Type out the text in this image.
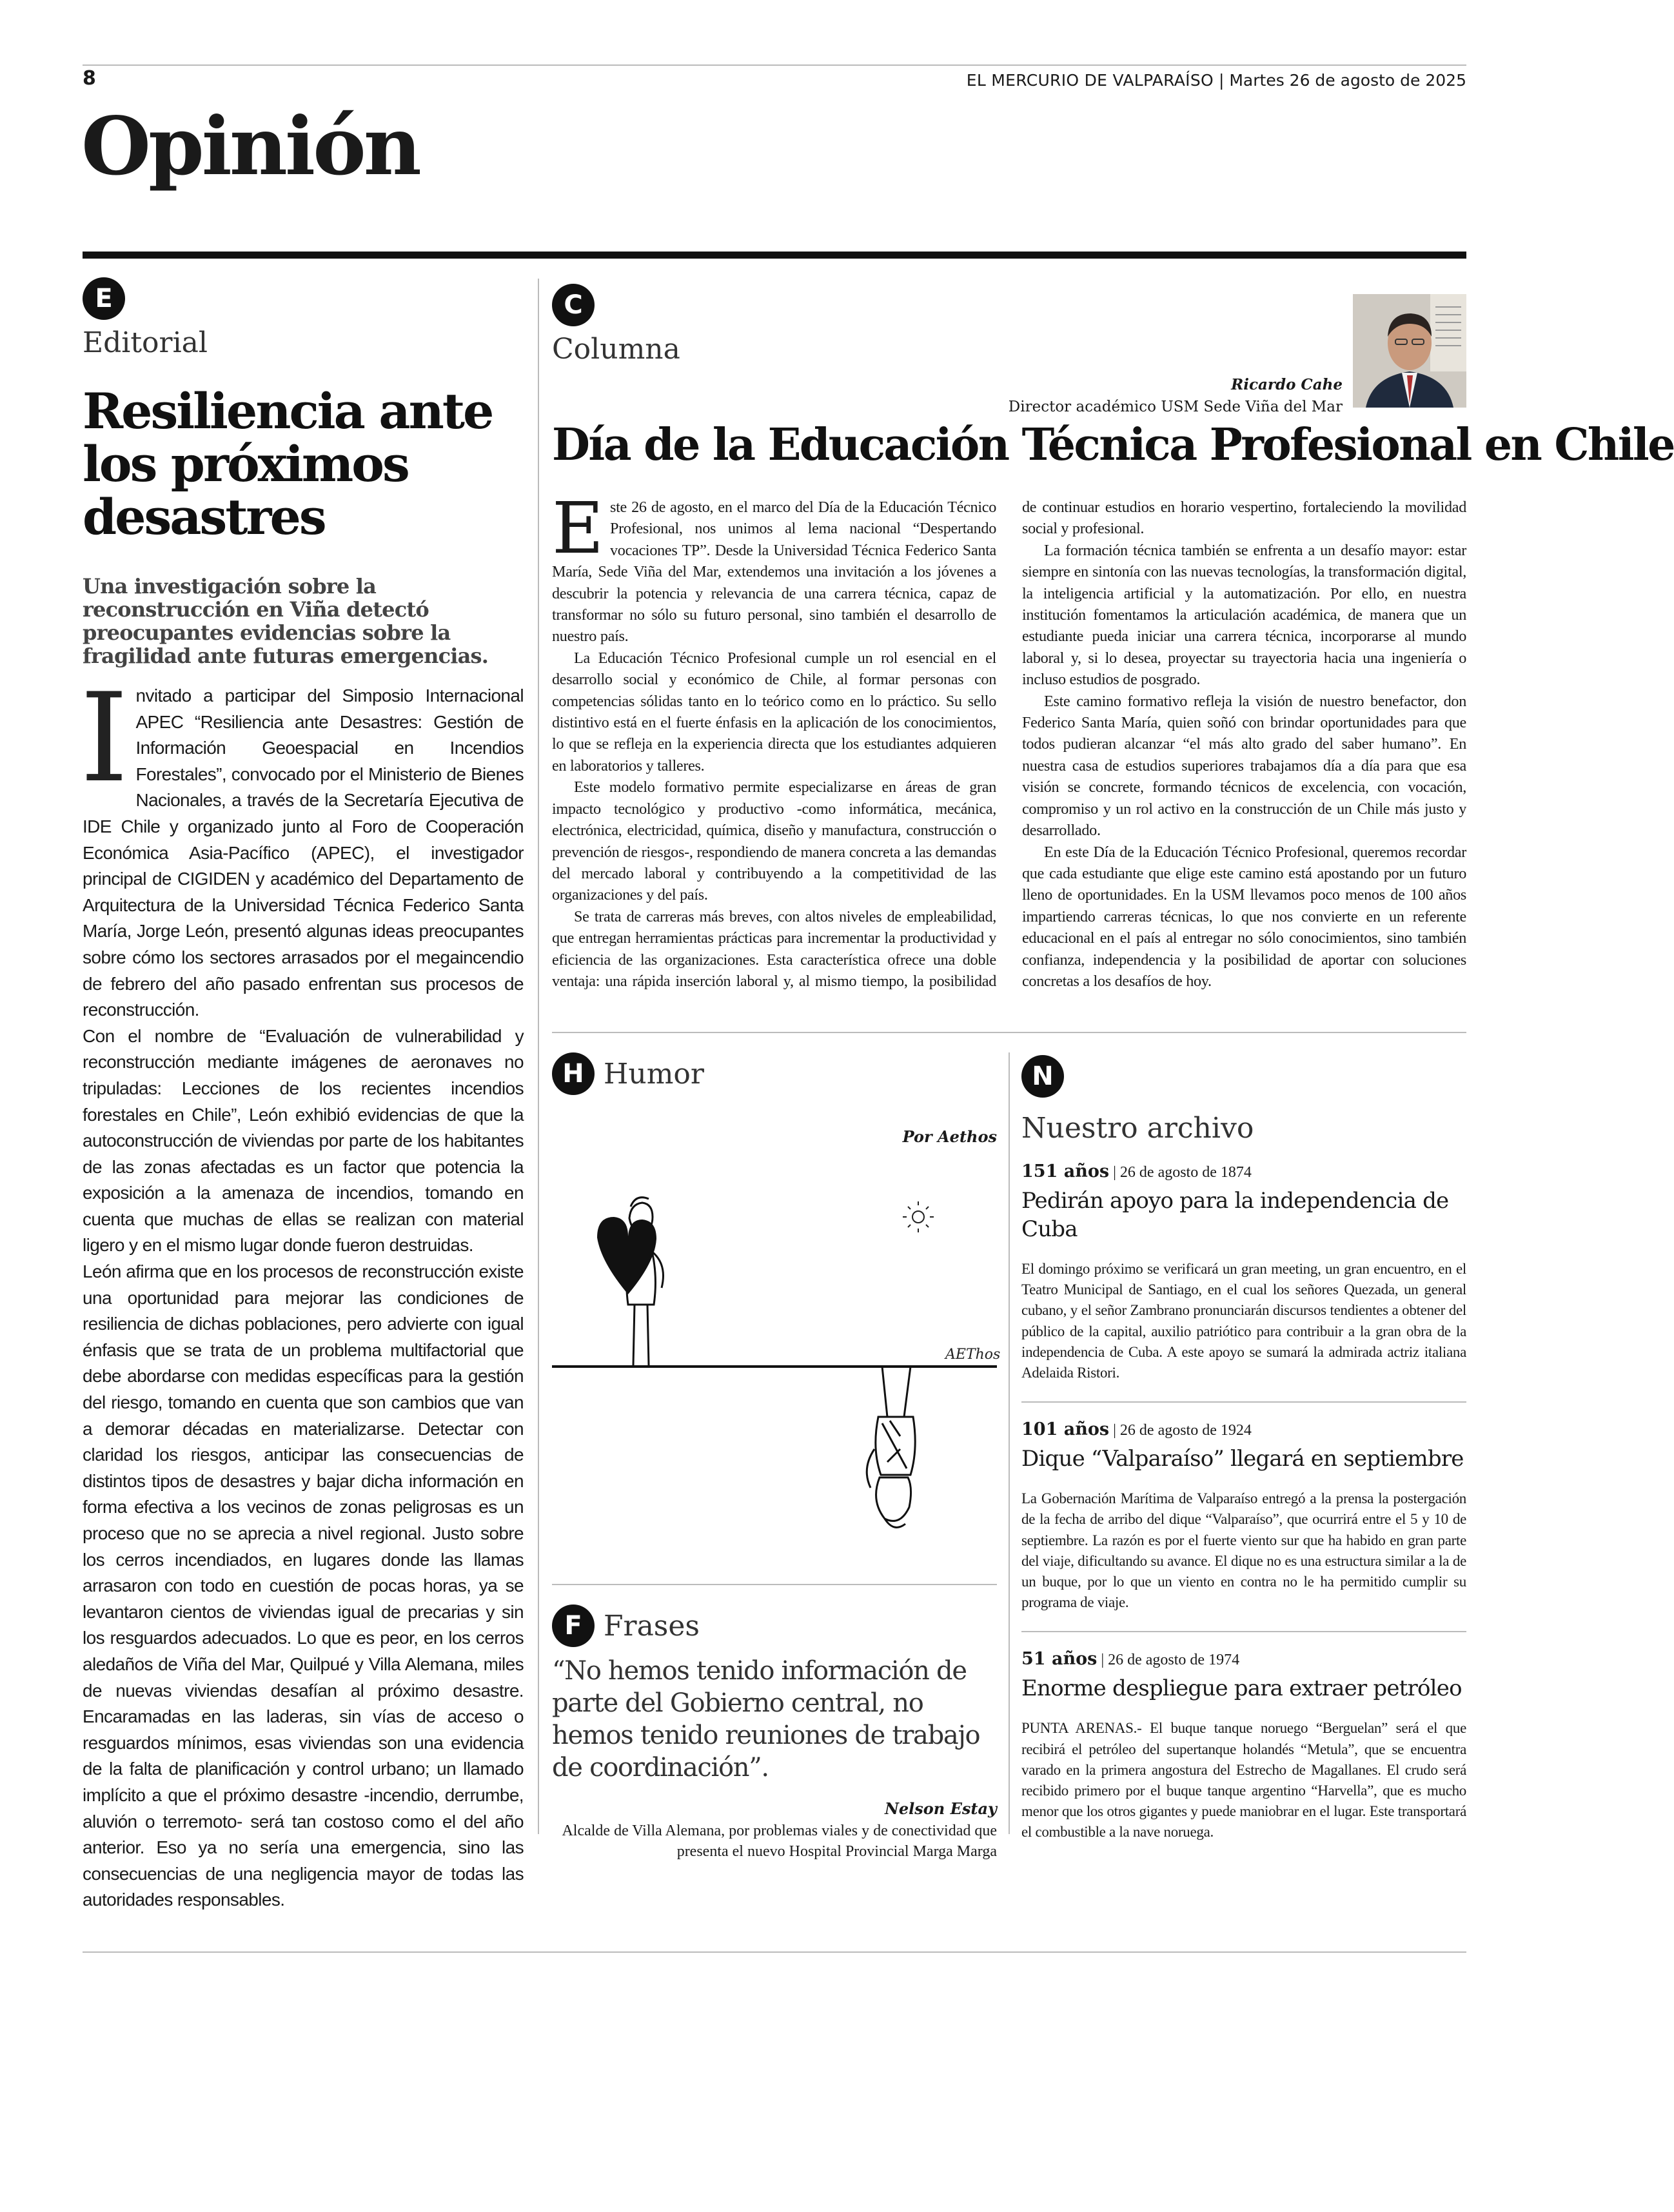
8	EL MERCURIO DE VALPARAÍSO | Martes 26 de agosto de 2025
Opinión
E
Editorial
Resiliencia ante los próximos desastres
Una investigación sobre la reconstrucción en Viña detectó preocupantes evidencias sobre la fragilidad ante futuras emergencias.

Invitado a participar del Simposio Internacional APEC “Resiliencia ante Desastres: Gestión de Información Geoespacial en Incendios Forestales”, convocado por el Ministerio de Bienes Nacionales, a través de la Secretaría Ejecutiva de IDE Chile y organizado junto al Foro de Cooperación Económica Asia-Pacífico (APEC), el investigador principal de CIGIDEN y académico del Departamento de Arquitectura de la Universidad Técnica Federico Santa María, Jorge León, presentó algunas ideas preocupantes sobre cómo los sectores arrasados por el megaincendio de febrero del año pasado enfrentan sus procesos de reconstrucción.

Con el nombre de “Evaluación de vulnerabilidad y reconstrucción mediante imágenes de aeronaves no tripuladas: Lecciones de los recientes incendios forestales en Chile”, León exhibió evidencias de que la autoconstrucción de viviendas por parte de los habitantes de las zonas afectadas es un factor que potencia la exposición a la amenaza de incendios, tomando en cuenta que muchas de ellas se realizan con material ligero y en el mismo lugar donde fueron destruidas.

León afirma que en los procesos de reconstrucción existe una oportunidad para mejorar las condiciones de resiliencia de dichas poblaciones, pero advierte con igual énfasis que se trata de un problema multifactorial que debe abordarse con medidas específicas para la gestión del riesgo, tomando en cuenta que son cambios que van a demorar décadas en materializarse. Detectar con claridad los riesgos, anticipar las consecuencias de distintos tipos de desastres y bajar dicha información en forma efectiva a los vecinos de zonas peligrosas es un proceso que no se aprecia a nivel regional. Justo sobre los cerros incendiados, en lugares donde las llamas arrasaron con todo en cuestión de pocas horas, ya se levantaron cientos de viviendas igual de precarias y sin los resguardos adecuados. Lo que es peor, en los cerros aledaños de Viña del Mar, Quilpué y Villa Alemana, miles de nuevas viviendas desafían al próximo desastre. Encaramadas en las laderas, sin vías de acceso o resguardos mínimos, esas viviendas son una evidencia de la falta de planificación y control urbano; un llamado implícito a que el próximo desastre -incendio, derrumbe, aluvión o terremoto- será tan costoso como el del año anterior. Eso ya no sería una emergencia, sino las consecuencias de una negligencia mayor de todas las autoridades responsables.

C
Columna
Ricardo Cahe
Director académico USM Sede Viña del Mar
Día de la Educación Técnica Profesional en Chile

Este 26 de agosto, en el marco del Día de la Educación Técnico Profesional, nos unimos al lema nacional “Despertando vocaciones TP”. Desde la Universidad Técnica Federico Santa María, Sede Viña del Mar, extendemos una invitación a los jóvenes a descubrir la potencia y relevancia de una carrera técnica, capaz de transformar no sólo su futuro personal, sino también el desarrollo de nuestro país.

La Educación Técnico Profesional cumple un rol esencial en el desarrollo social y económico de Chile, al formar personas con competencias sólidas tanto en lo teórico como en lo práctico. Su sello distintivo está en el fuerte énfasis en la aplicación de los conocimientos, lo que se refleja en la experiencia directa que los estudiantes adquieren en laboratorios y talleres.

Este modelo formativo permite especializarse en áreas de gran impacto tecnológico y productivo -como informática, mecánica, electrónica, electricidad, química, diseño y manufactura, construcción o prevención de riesgos-, respondiendo de manera concreta a las demandas del mercado laboral y contribuyendo a la competitividad de las organizaciones y del país.

Se trata de carreras más breves, con altos niveles de empleabilidad, que entregan herramientas prácticas para incrementar la productividad y eficiencia de las organizaciones. Esta característica ofrece una doble ventaja: una rápida inserción laboral y, al mismo tiempo, la posibilidad de continuar estudios en horario vespertino, fortaleciendo la movilidad social y profesional.

La formación técnica también se enfrenta a un desafío mayor: estar siempre en sintonía con las nuevas tecnologías, la transformación digital, la inteligencia artificial y la automatización. Por ello, en nuestra institución fomentamos la articulación académica, de manera que un estudiante pueda iniciar una carrera técnica, incorporarse al mundo laboral y, si lo desea, proyectar su trayectoria hacia una ingeniería o incluso estudios de posgrado.

Este camino formativo refleja la visión de nuestro benefactor, don Federico Santa María, quien soñó con brindar oportunidades para que todos pudieran alcanzar “el más alto grado del saber humano”. En nuestra casa de estudios superiores trabajamos día a día para que esa visión se concrete, formando técnicos de excelencia, con vocación, compromiso y un rol activo en la construcción de un Chile más justo y desarrollado.

En este Día de la Educación Técnico Profesional, queremos recordar que cada estudiante que elige este camino está apostando por un futuro lleno de oportunidades. En la USM llevamos poco menos de 100 años impartiendo carreras técnicas, lo que nos convierte en un referente educacional en el país al entregar no sólo conocimientos, sino también confianza, independencia y la posibilidad de aportar con soluciones concretas a los desafíos de hoy.

H Humor
Por Aethos
AEThos
F Frases
“No hemos tenido información de parte del Gobierno central, no hemos tenido reuniones de trabajo de coordinación”.
Nelson Estay
Alcalde de Villa Alemana, por problemas viales y de conectividad que presenta el nuevo Hospital Provincial Marga Marga
N
Nuestro archivo
151 años | 26 de agosto de 1874
Pedirán apoyo para la independencia de Cuba
El domingo próximo se verificará un gran meeting, un gran encuentro, en el Teatro Municipal de Santiago, en el cual los señores Quezada, un general cubano, y el señor Zambrano pronunciarán discursos tendientes a obtener del público de la capital, auxilio patriótico para contribuir a la gran obra de la independencia de Cuba. A este apoyo se sumará la admirada actriz italiana Adelaida Ristori.
101 años | 26 de agosto de 1924
Dique “Valparaíso” llegará en septiembre
La Gobernación Marítima de Valparaíso entregó a la prensa la postergación de la fecha de arribo del dique “Valparaíso”, que ocurrirá entre el 5 y 10 de septiembre. La razón es por el fuerte viento sur que ha habido en gran parte del viaje, dificultando su avance. El dique no es una estructura similar a la de un buque, por lo que un viento en contra no le ha permitido cumplir su programa de viaje.
51 años | 26 de agosto de 1974
Enorme despliegue para extraer petróleo
PUNTA ARENAS.- El buque tanque noruego “Berguelan” será el que recibirá el petróleo del supertanque holandés “Metula”, que se encuentra varado en la primera angostura del Estrecho de Magallanes. El crudo será recibido primero por el buque tanque argentino “Harvella”, que es mucho menor que los otros gigantes y puede maniobrar en el lugar. Este transportará el combustible a la nave noruega.
